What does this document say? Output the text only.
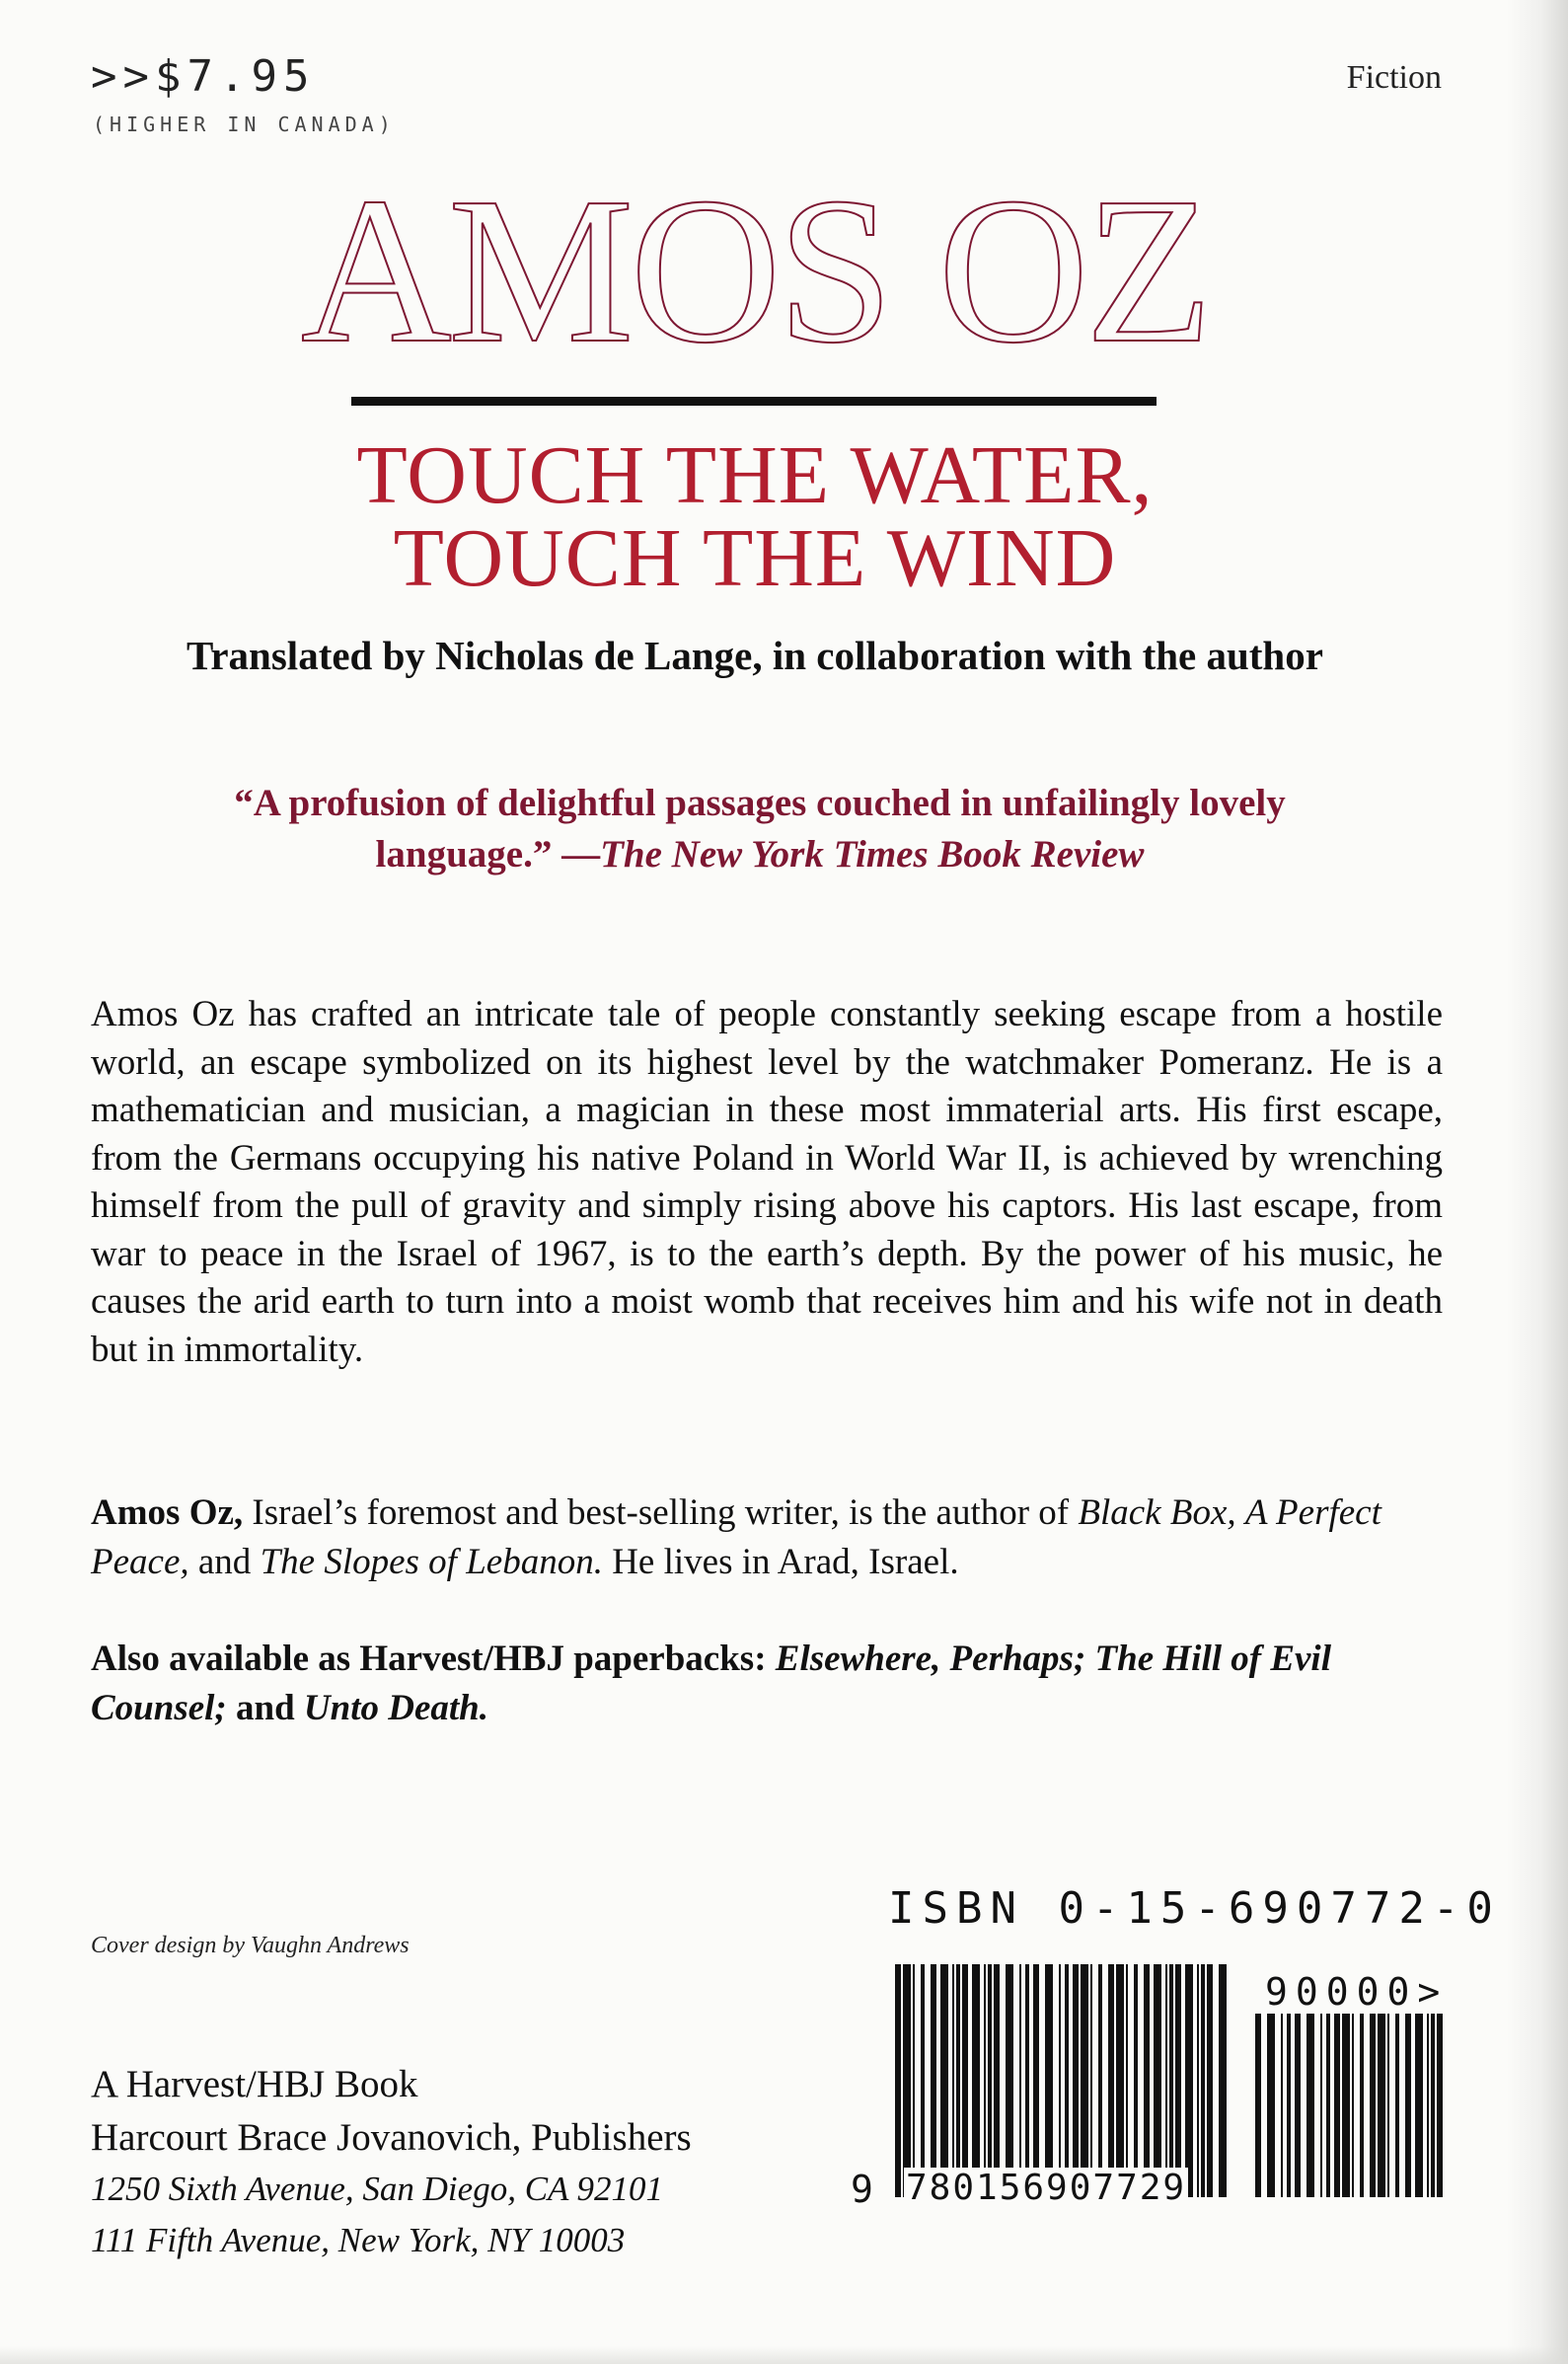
>>$7.95
(HIGHER IN CANADA)
Fiction
AMOS OZ
TOUCH THE WATER,
TOUCH THE WIND
Translated by Nicholas de Lange, in collaboration with the author
“A profusion of delightful passages couched in unfailingly lovely language.” —The New York Times Book Review
Amos Oz has crafted an intricate tale of people constantly seeking escape from a hostile world, an escape symbolized on its highest level by the watchmaker Pomeranz. He is a mathematician and musician, a magician in these most immaterial arts. His first escape, from the Germans occupying his native Poland in World War II, is achieved by wrenching himself from the pull of gravity and simply rising above his captors. His last escape, from war to peace in the Israel of 1967, is to the earth’s depth. By the power of his music, he causes the arid earth to turn into a moist womb that receives him and his wife not in death but in immortality.
Amos Oz, Israel’s foremost and best-selling writer, is the author of Black Box, A Perfect Peace, and The Slopes of Lebanon. He lives in Arad, Israel.
Also available as Harvest/HBJ paperbacks: Elsewhere, Perhaps; The Hill of Evil Counsel; and Unto Death.
Cover design by Vaughn Andrews
A Harvest/HBJ Book
Harcourt Brace Jovanovich, Publishers
1250 Sixth Avenue, San Diego, CA 92101
111 Fifth Avenue, New York, NY 10003
ISBN 0-15-690772-0
90000>
9 780156907729
